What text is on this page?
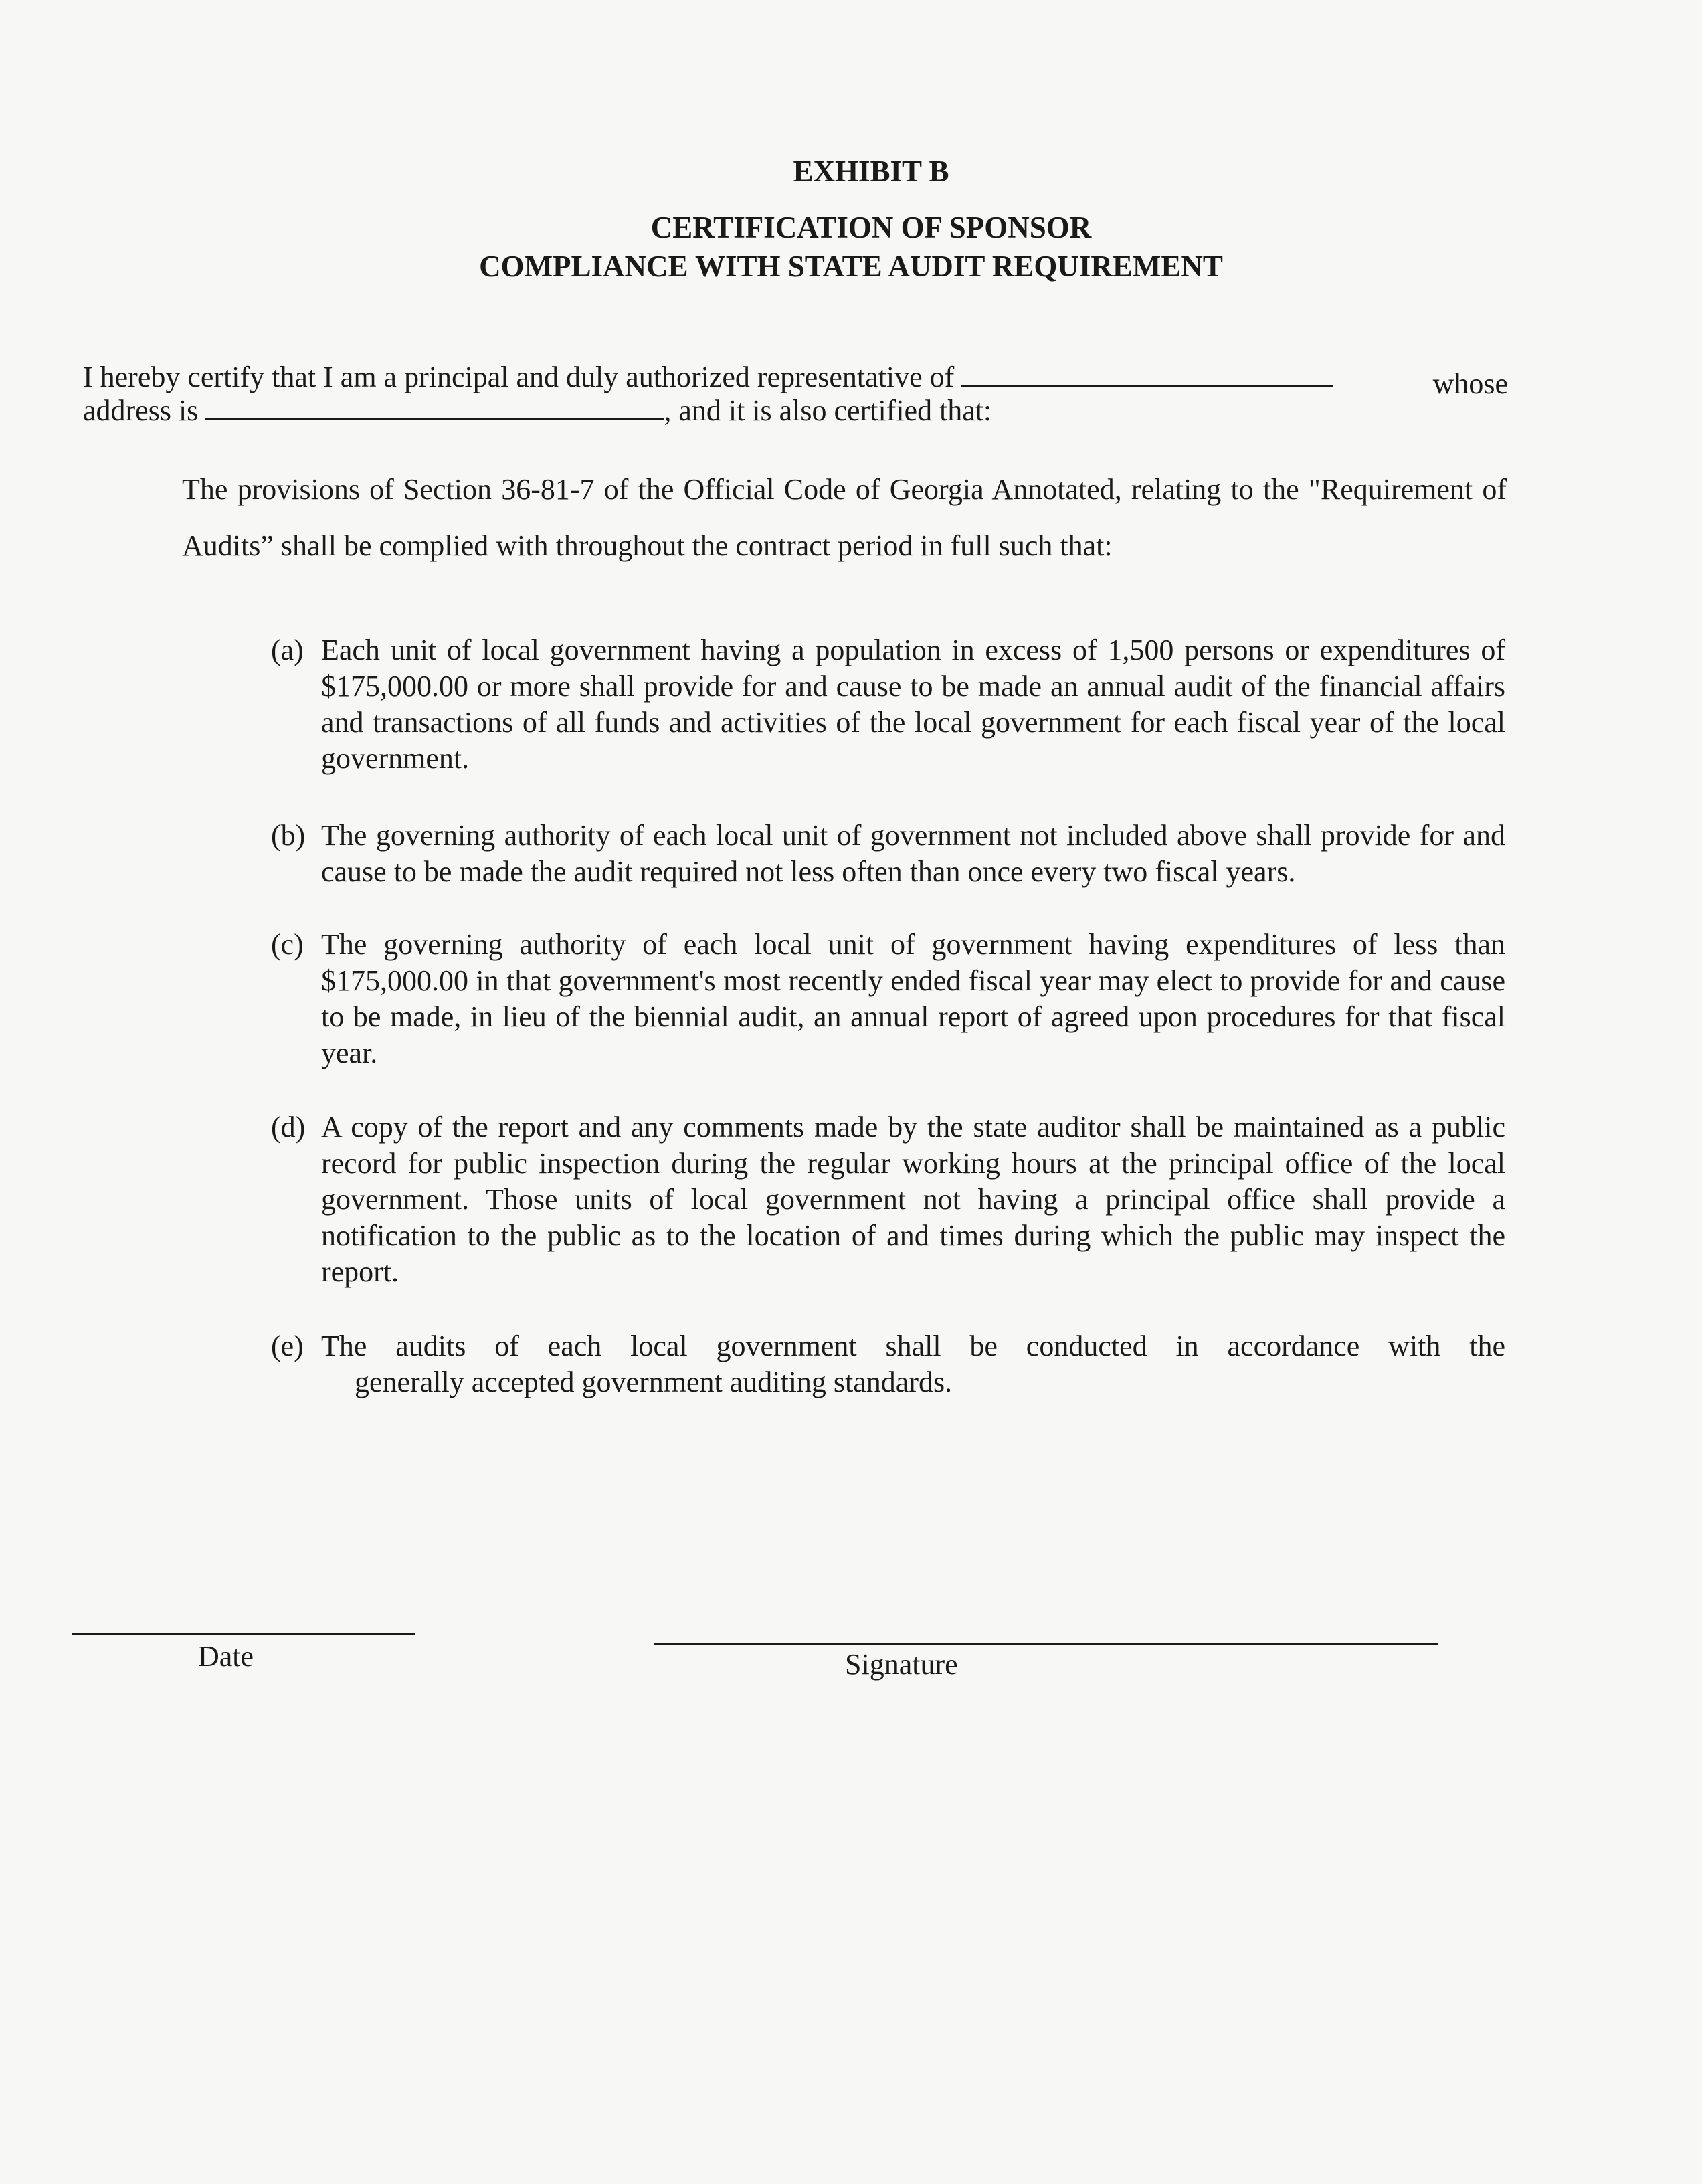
EXHIBIT B
CERTIFICATION OF SPONSOR
COMPLIANCE WITH STATE AUDIT REQUIREMENT
I hereby certify that I am a principal and duly authorized representative of	whose
address is	, and it is also certified that:
The provisions of Section 36-81-7 of the Official Code of Georgia Annotated, relating to the "Requirement of Audits” shall be complied with throughout the contract period in full such that:
(a) Each unit of local government having a population in excess of 1,500 persons or expenditures of $175,000.00 or more shall provide for and cause to be made an annual audit of the financial affairs and transactions of all funds and activities of the local government for each fiscal year of the local government.
(b) The governing authority of each local unit of government not included above shall provide for and cause to be made the audit required not less often than once every two fiscal years.
(c) The governing authority of each local unit of government having expenditures of less than $175,000.00 in that government's most recently ended fiscal year may elect to provide for and cause to be made, in lieu of the biennial audit, an annual report of agreed upon procedures for that fiscal year.
(d) A copy of the report and any comments made by the state auditor shall be maintained as a public record for public inspection during the regular working hours at the principal office of the local government. Those units of local government not having a principal office shall provide a notification to the public as to the location of and times during which the public may inspect the report.
(e) The audits of each local government shall be conducted in accordance with the
generally accepted government auditing standards.
Date	Signature
